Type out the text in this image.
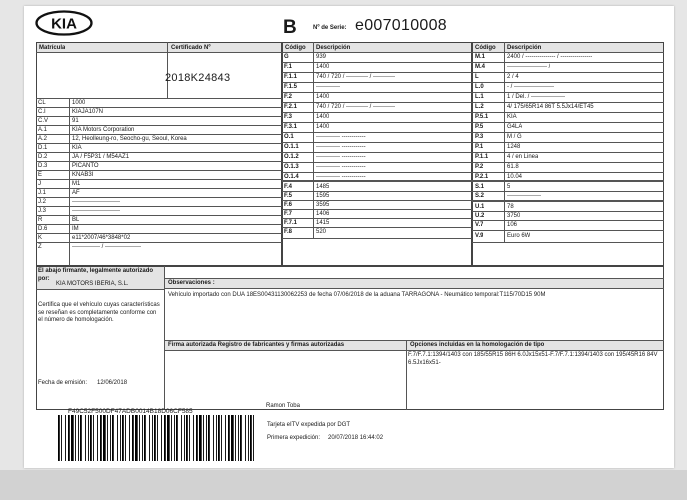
KIA	B	Nº de Serie: e007010008
Matrícula	Certificado Nº
2018K24843
CL	1000
C.I	KIAJA107N
C.V	91
A.1	KIA Motors Corporation
A.2	12, Heolleung-ro, Seocho-gu, Seoul, Korea
D.1	KIA
D.2	JA / F5P31 / M54AZ1
D.3	PICANTO
E	KNAB3I
J	M1
J.1	AF
J.2	------------------------
J.3	------------------------
R	BL
D.6	IM
K	e11*2007/46*3848*02
Z	-------------- / ------------------
Código Descripción
G	939
F.1	1400
F.1.1	740 / 720 / ----------- / -----------
F.1.5	------------
F.2	1400
F.2.1	740 / 720 / ----------- / -----------
F.3	1400
F.3.1	1400
O.1	------------ ------------
O.1.1	------------ ------------
O.1.2	------------ ------------
O.1.3	------------ ------------
O.1.4	------------ ------------
F.4	1485
F.5	1595
F.6	3595
F.7	1406
F.7.1	1415
F.8	520
Código Descripción
M.1	2400 / --------------- / ----------------
M.4	-------------------- /
L	2 / 4
L.0	- / --------------------
L.1	1 / Del. / -----------------
L.2	4/ 175/65R14 86T 5.5Jx14/ET45
P.5.1	KIA
P.5	G4LA
P.3	M / G
P.1	1248
P.1.1	4 / en Linea
P.2	61.8
P.2.1	10.04
S.1	5
S.2	-----------------
U.1	78
U.2	3750
V.7	106
V.9	Euro 6W
El abajo firmante, legalmente autorizado por:
KIA MOTORS IBERIA, S.L.
Certifica que el vehículo cuyas características se reseñan es completamente conforme con el número de homologación.
Fecha de emisión: 12/06/2018
Observaciones :
Vehículo importado con DUA 18ES00431130062253 de fecha 07/06/2018 de la aduana TARRAGONA - Neumático temporal:T115/70D15 90M
Firma autorizada Registro de fabricantes y firmas autorizadas	Opciones incluidas en la homologación de tipo
F.7/F.7.1:1394/1403 con 185/55R15 86H 6.0Jx15x51-F.7/F.7.1:1394/1403 con 195/45R16 84V 6.5Jx16x51-
Ramon Toba
F49C52F500DF47ADB0014B18D06CF585
Tarjeta eITV expedida por DGT
Primera expedición: 20/07/2018 16:44:02
